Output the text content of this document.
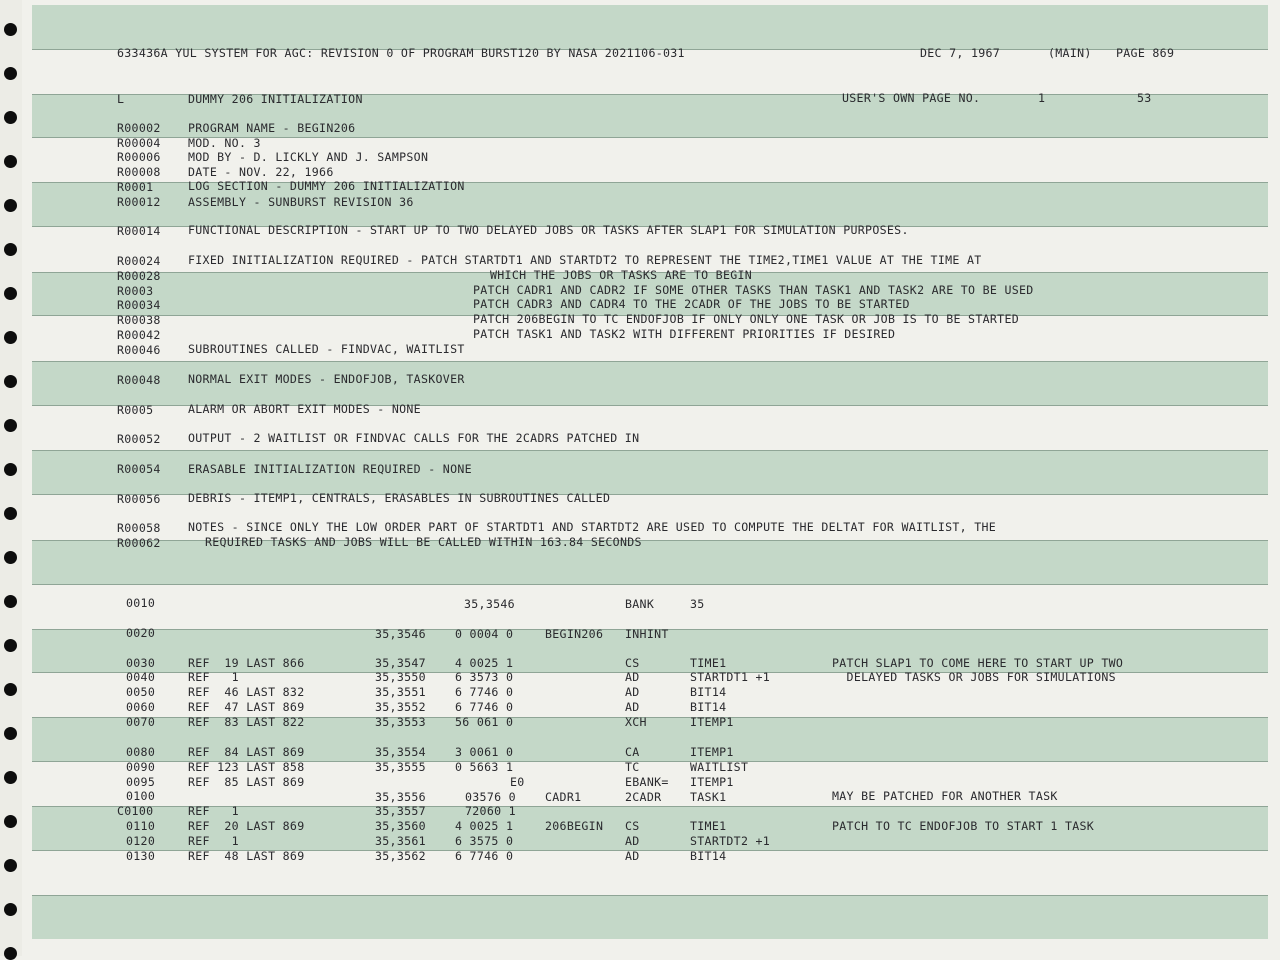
633436A YUL SYSTEM FOR AGC: REVISION 0 OF PROGRAM BURST120 BY NASA 2021106-031	DEC 7, 1967	(MAIN) PAGE 869
L	DUMMY 206 INITIALIZATION	USER'S OWN PAGE NO.	1	53
R00002 PROGRAM NAME - BEGIN206
R00004 MOD. NO. 3
R00006 MOD BY - D. LICKLY AND J. SAMPSON
R00008 DATE - NOV. 22, 1966
R0001	LOG SECTION - DUMMY 206 INITIALIZATION
R00012 ASSEMBLY - SUNBURST REVISION 36
R00014 FUNCTIONAL DESCRIPTION - START UP TO TWO DELAYED JOBS OR TASKS AFTER SLAP1 FOR SIMULATION PURPOSES.
R00024 FIXED INITIALIZATION REQUIRED - PATCH STARTDT1 AND STARTDT2 TO REPRESENT THE TIME2,TIME1 VALUE AT THE TIME AT
R00028	WHICH THE JOBS OR TASKS ARE TO BEGIN
R0003	PATCH CADR1 AND CADR2 IF SOME OTHER TASKS THAN TASK1 AND TASK2 ARE TO BE USED
R00034	PATCH CADR3 AND CADR4 TO THE 2CADR OF THE JOBS TO BE STARTED
R00038	PATCH 206BEGIN TO TC ENDOFJOB IF ONLY ONLY ONE TASK OR JOB IS TO BE STARTED
R00042	PATCH TASK1 AND TASK2 WITH DIFFERENT PRIORITIES IF DESIRED
R00046 SUBROUTINES CALLED - FINDVAC, WAITLIST
R00048 NORMAL EXIT MODES - ENDOFJOB, TASKOVER
R0005	ALARM OR ABORT EXIT MODES - NONE
R00052 OUTPUT - 2 WAITLIST OR FINDVAC CALLS FOR THE 2CADRS PATCHED IN
R00054 ERASABLE INITIALIZATION REQUIRED - NONE
R00056 DEBRIS - ITEMP1, CENTRALS, ERASABLES IN SUBROUTINES CALLED
R00058 NOTES - SINCE ONLY THE LOW ORDER PART OF STARTDT1 AND STARTDT2 ARE USED TO COMPUTE THE DELTAT FOR WAITLIST, THE
R00062	REQUIRED TASKS AND JOBS WILL BE CALLED WITHIN 163.84 SECONDS
0010	35,3546	BANK	35
0020	35,3546	0 0004 0	BEGIN206 INHINT
0030	REF  19 LAST 866	35,3547	4 0025 1	CS	TIME1	PATCH SLAP1 TO COME HERE TO START UP TWO
0040	REF   1	35,3550	6 3573 0	AD	STARTDT1 +1	DELAYED TASKS OR JOBS FOR SIMULATIONS
0050	REF  46 LAST 832	35,3551	6 7746 0	AD	BIT14
0060	REF  47 LAST 869	35,3552	6 7746 0	AD	BIT14
0070	REF  83 LAST 822	35,3553	56 061 0	XCH	ITEMP1
0080	REF  84 LAST 869	35,3554	3 0061 0	CA	ITEMP1
0090	REF 123 LAST 858	35,3555	0 5663 1	TC	WAITLIST
0095	REF  85 LAST 869	E0	EBANK= ITEMP1
0100	35,3556	03576 0	CADR1	2CADR TASK1	MAY BE PATCHED FOR ANOTHER TASK
C0100	REF   1	35,3557	72060 1
0110	REF  20 LAST 869	35,3560	4 0025 1	206BEGIN CS	TIME1	PATCH TO TC ENDOFJOB TO START 1 TASK
0120	REF   1	35,3561	6 3575 0	AD	STARTDT2 +1
0130	REF  48 LAST 869	35,3562	6 7746 0	AD	BIT14
